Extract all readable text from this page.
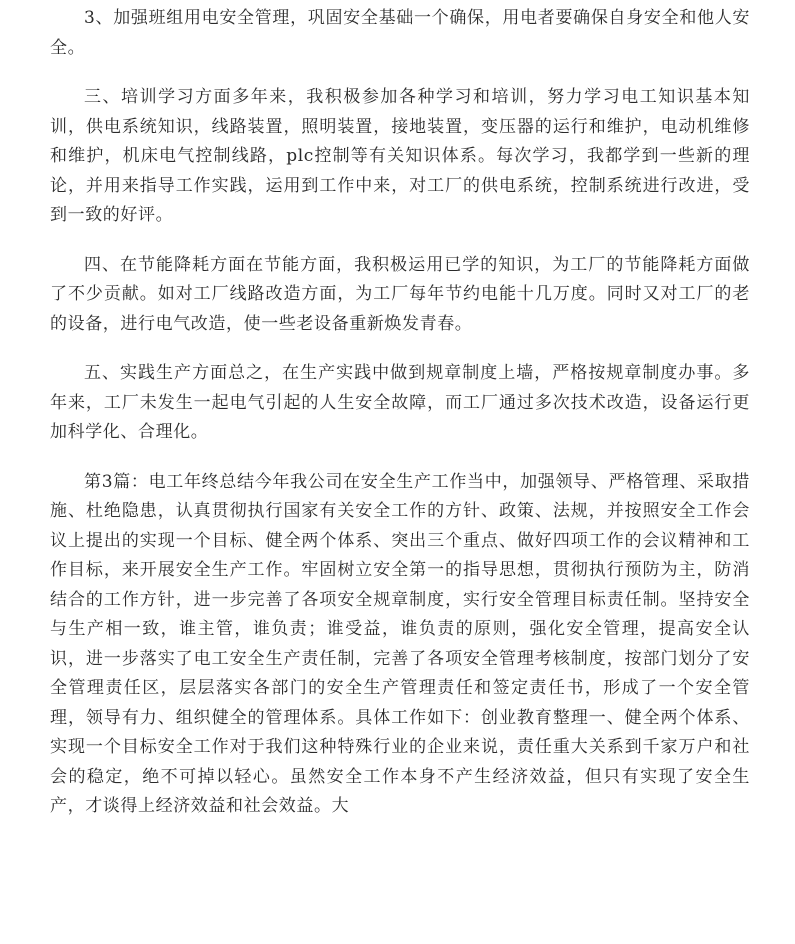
3、加强班组用电安全管理，巩固安全基础一个确保，用电者要确保自身安全和他人安全。

三、培训学习方面多年来，我积极参加各种学习和培训，努力学习电工知识基本知训，供电系统知识，线路装置，照明装置，接地装置，变压器的运行和维护，电动机维修和维护，机床电气控制线路，plc控制等有关知识体系。每次学习，我都学到一些新的理论，并用来指导工作实践，运用到工作中来，对工厂的供电系统，控制系统进行改进，受到一致的好评。

四、在节能降耗方面在节能方面，我积极运用已学的知识，为工厂的节能降耗方面做了不少贡献。如对工厂线路改造方面，为工厂每年节约电能十几万度。同时又对工厂的老的设备，进行电气改造，使一些老设备重新焕发青春。

五、实践生产方面总之，在生产实践中做到规章制度上墙，严格按规章制度办事。多年来，工厂未发生一起电气引起的人生安全故障，而工厂通过多次技术改造，设备运行更加科学化、合理化。

第3篇：电工年终总结今年我公司在安全生产工作当中，加强领导、严格管理、采取措施、杜绝隐患，认真贯彻执行国家有关安全工作的方针、政策、法规，并按照安全工作会议上提出的实现一个目标、健全两个体系、突出三个重点、做好四项工作的会议精神和工作目标，来开展安全生产工作。牢固树立安全第一的指导思想，贯彻执行预防为主，防消结合的工作方针，进一步完善了各项安全规章制度，实行安全管理目标责任制。坚持安全与生产相一致，谁主管，谁负责；谁受益，谁负责的原则，强化安全管理，提高安全认识，进一步落实了电工安全生产责任制，完善了各项安全管理考核制度，按部门划分了安全管理责任区，层层落实各部门的安全生产管理责任和签定责任书，形成了一个安全管理，领导有力、组织健全的管理体系。具体工作如下：创业教育整理一、健全两个体系、实现一个目标安全工作对于我们这种特殊行业的企业来说，责任重大关系到千家万户和社会的稳定，绝不可掉以轻心。虽然安全工作本身不产生经济效益，但只有实现了安全生产，才谈得上经济效益和社会效益。大
